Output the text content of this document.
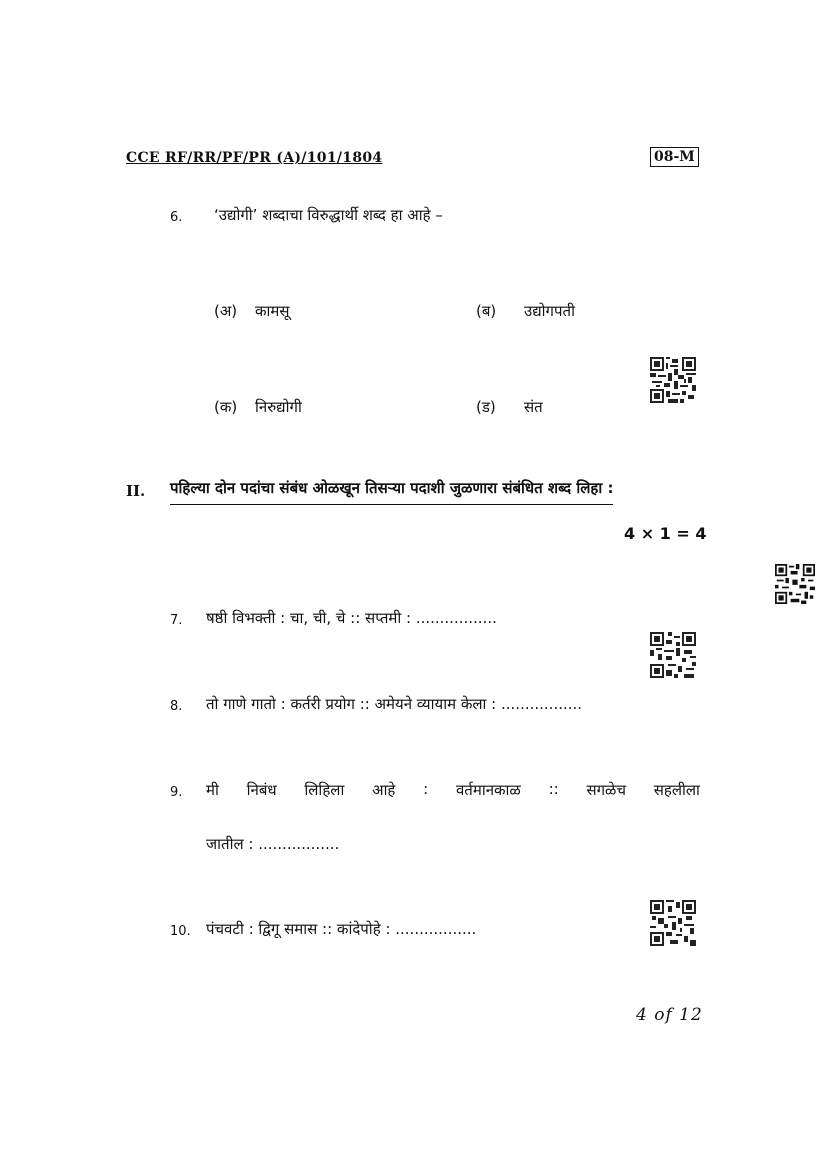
CCE RF/RR/PF/PR (A)/101/1804	08-M
6. ‘उद्योगी’ शब्दाचा विरुद्धार्थी शब्द हा आहे –
(अ) कामसू	(ब) उद्योगपती
(क) निरुद्योगी	(ड) संत
II. पहिल्या दोन पदांचा संबंध ओळखून तिसऱ्या पदाशी जुळणारा संबंधित शब्द लिहा :
4 × 1 = 4
7. षष्ठी विभक्ती : चा, ची, चे :: सप्तमी : .................
8. तो गाणे गातो : कर्तरी प्रयोग :: अमेयने व्यायाम केला : .................
9. मी निबंध लिहिला आहे : वर्तमानकाळ :: सगळेच सहलीला
जातील : .................
10. पंचवटी : द्विगू समास :: कांदेपोहे : .................
4 of 12
